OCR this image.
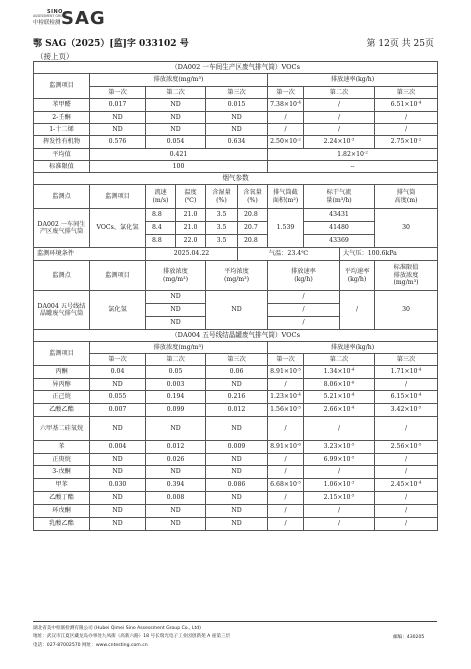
SINO
ASSESSMENT GROUP
中检联检测 SAG
鄂 SAG（2025）[监]字 033102 号	第 12页 共 25页
（接上页）
（DA002 一车间生产区废气排气筒）VOCs									
监测项目	排放浓度(mg/m³)					排放速率(kg/h)			
	第一次	第二次		第三次		第一次	第二次		第三次
苯甲醛	0.017	ND		0.015		$7.38\times 10^{-4}$	/		$6.51\times 10^{-4}$
2-壬酮	ND	ND		ND		/	/		/
1-十二烯	ND	ND		ND		/	/		/
挥发性有机物	0.576	0.054		0.634		$2.50\times 10^{-2}$	$2.24\times 10^{-3}$		$2.75\times 10^{-2}$
平均值	0.421					$1.82\times 10^{-2}$
标准限值	100					--			
烟气参数									
监测点	监测项目	流速
(m/s)	温度
(℃)	含湿量
(%)	含氧量
(%)	排气筒截
面积(m²)	标干气流
量(m³/h)		排气筒
高度(m)
DA002 一车间生产区废气排气筒	VOCs、氯化氢	8.8	21.0	3.5	20.8	1.539	43431		30
		8.4	21.0	3.5	20.7		41480		
		8.8	22.0	3.5	20.8		43369		
监测环境条件		2025.04.22			气温：23.4℃			大气压：100.6kPa	
监测点	监测项目	排放浓度
(mg/m³)		平均浓度
(mg/m³)		排放速率
(kg/h)		平均速率
(kg/h)	标准限值
排放浓度
(mg/m³)
DA004 五号线结晶罐废气排气筒	氯化氢	ND		ND		/		/	30
		ND				/			
		ND				/			
（DA004 五号线结晶罐废气排气筒）VOCs									
监测项目	排放浓度(mg/m³)					排放速率(kg/h)			
	第一次	第二次		第三次		第一次	第二次		第三次
丙酮	0.04	0.05		0.06		$8.91\times 10^{-5}$	$1.34\times 10^{-4}$		$1.71\times 10^{-4}$
异丙醇	ND	0.003		ND		/	$8.06\times 10^{-6}$		/
正己烷	0.055	0.194		0.216		$1.23\times 10^{-4}$	$5.21\times 10^{-4}$		$6.15\times 10^{-4}$
乙酸乙酯	0.007	0.099		0.012		$1.56\times 10^{-5}$	$2.66\times 10^{-4}$		$3.42\times 10^{-5}$
六甲基二硅氧烷	ND	ND		ND		/	/		/
苯	0.004	0.012		0.009		$8.91\times 10^{-6}$	$3.23\times 10^{-5}$		$2.56\times 10^{-5}$
正庚烷	ND	0.026		ND		/	$6.99\times 10^{-5}$		/
3-戊酮	ND	ND		ND		/	/		/
甲苯	0.030	0.394		0.086		$6.68\times 10^{-5}$	$1.06\times 10^{-3}$		$2.45\times 10^{-4}$
乙酸丁酯	ND	0.008		ND		/	$2.15\times 10^{-5}$		/
环戊酮	ND	ND		ND		/	/		/
乳酸乙酯	ND	ND		ND		/	/		/
湖北省美中检联检测有限公司 (Hubei Qimei Sino Assessment Group Co., Ltd)
地址：武汉市江夏区藏龙岛办事处九凤街（高新六路）18 号长瑞光电子工业园创新苑 A 座第三层	邮编：430205
电话：027-87002570 网址：www.cntesting.com.cn
